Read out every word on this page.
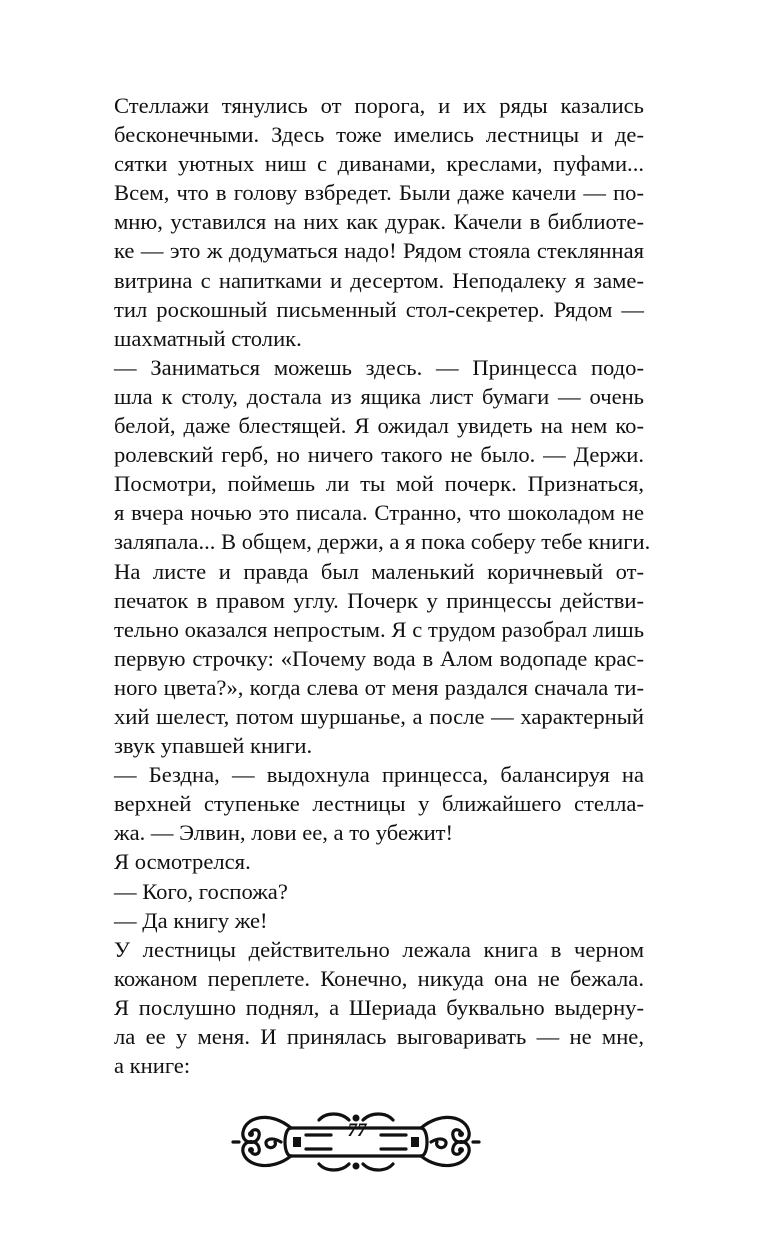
Стеллажи тянулись от порога, и их ряды казались
бесконечными. Здесь тоже имелись лестницы и де-
сятки уютных ниш с диванами, креслами, пуфами...
Всем, что в голову взбредет. Были даже качели — по-
мню, уставился на них как дурак. Качели в библиоте-
ке — это ж додуматься надо! Рядом стояла стеклянная
витрина с напитками и десертом. Неподалеку я заме-
тил роскошный письменный стол-секретер. Рядом —
шахматный столик.
— Заниматься можешь здесь. — Принцесса подо-
шла к столу, достала из ящика лист бумаги — очень
белой, даже блестящей. Я ожидал увидеть на нем ко-
ролевский герб, но ничего такого не было. — Держи.
Посмотри, поймешь ли ты мой почерк. Признаться,
я вчера ночью это писала. Странно, что шоколадом не
заляпала... В общем, держи, а я пока соберу тебе книги.
На листе и правда был маленький коричневый от-
печаток в правом углу. Почерк у принцессы действи-
тельно оказался непростым. Я с трудом разобрал лишь
первую строчку: «Почему вода в Алом водопаде крас-
ного цвета?», когда слева от меня раздался сначала ти-
хий шелест, потом шуршанье, а после — характерный
звук упавшей книги.
— Бездна, — выдохнула принцесса, балансируя на
верхней ступеньке лестницы у ближайшего стелла-
жа. — Элвин, лови ее, а то убежит!
Я осмотрелся.
— Кого, госпожа?
— Да книгу же!
У лестницы действительно лежала книга в черном
кожаном переплете. Конечно, никуда она не бежала.
Я послушно поднял, а Шериада буквально выдерну-
ла ее у меня. И принялась выговаривать — не мне,
а книге:
77
